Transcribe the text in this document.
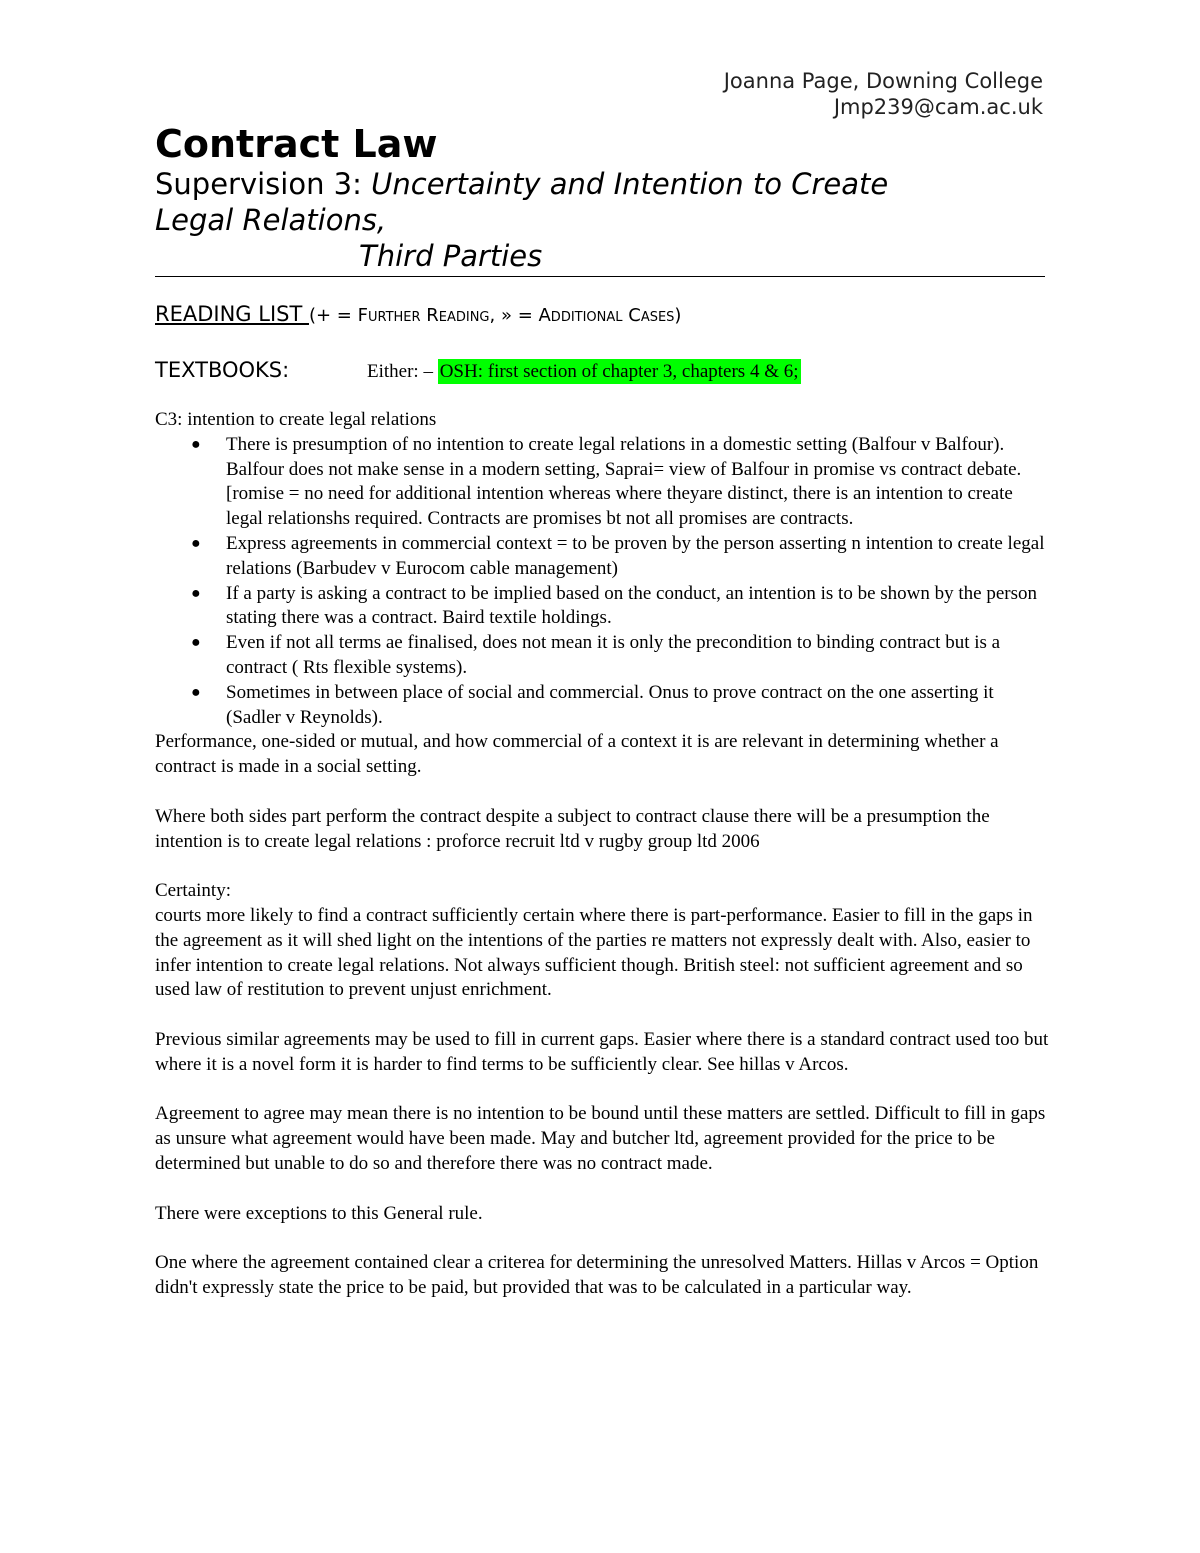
Joanna Page, Downing College
Jmp239@cam.ac.uk
Contract Law
Supervision 3: Uncertainty and Intention to Create
Legal Relations,
Third Parties
READING LIST (+ = Further Reading, » = Additional Cases)
TEXTBOOKS:	Either: – OSH: first section of chapter 3, chapters 4 & 6;

C3: intention to create legal relations

● There is presumption of no intention to create legal relations in a domestic setting (Balfour v Balfour). Balfour does not make sense in a modern setting, Saprai= view of Balfour in promise vs contract debate. [romise = no need for additional intention whereas where theyare distinct, there is an intention to create legal relationshs required. Contracts are promises bt not all promises are contracts.
● Express agreements in commercial context = to be proven by the person asserting n intention to create legal relations (Barbudev v Eurocom cable management)
● If a party is asking a contract to be implied based on the conduct, an intention is to be shown by the person stating there was a contract. Baird textile holdings.
● Even if not all terms ae finalised, does not mean it is only the precondition to binding contract but is a contract ( Rts flexible systems).
● Sometimes in between place of social and commercial. Onus to prove contract on the one asserting it (Sadler v Reynolds).

Performance, one-sided or mutual, and how commercial of a context it is are relevant in determining whether a contract is made in a social setting.

Where both sides part perform the contract despite a subject to contract clause there will be a presumption the intention is to create legal relations : proforce recruit ltd v rugby group ltd 2006

Certainty:

courts more likely to find a contract sufficiently certain where there is part-performance. Easier to fill in the gaps in the agreement as it will shed light on the intentions of the parties re matters not expressly dealt with. Also, easier to infer intention to create legal relations. Not always sufficient though. British steel: not sufficient agreement and so used law of restitution to prevent unjust enrichment.

Previous similar agreements may be used to fill in current gaps. Easier where there is a standard contract used too but where it is a novel form it is harder to find terms to be sufficiently clear. See hillas v Arcos.

Agreement to agree may mean there is no intention to be bound until these matters are settled. Difficult to fill in gaps as unsure what agreement would have been made. May and butcher ltd, agreement provided for the price to be determined but unable to do so and therefore there was no contract made.

There were exceptions to this General rule.

One where the agreement contained clear a criterea for determining the unresolved Matters. Hillas v Arcos = Option didn't expressly state the price to be paid, but provided that was to be calculated in a particular way.
